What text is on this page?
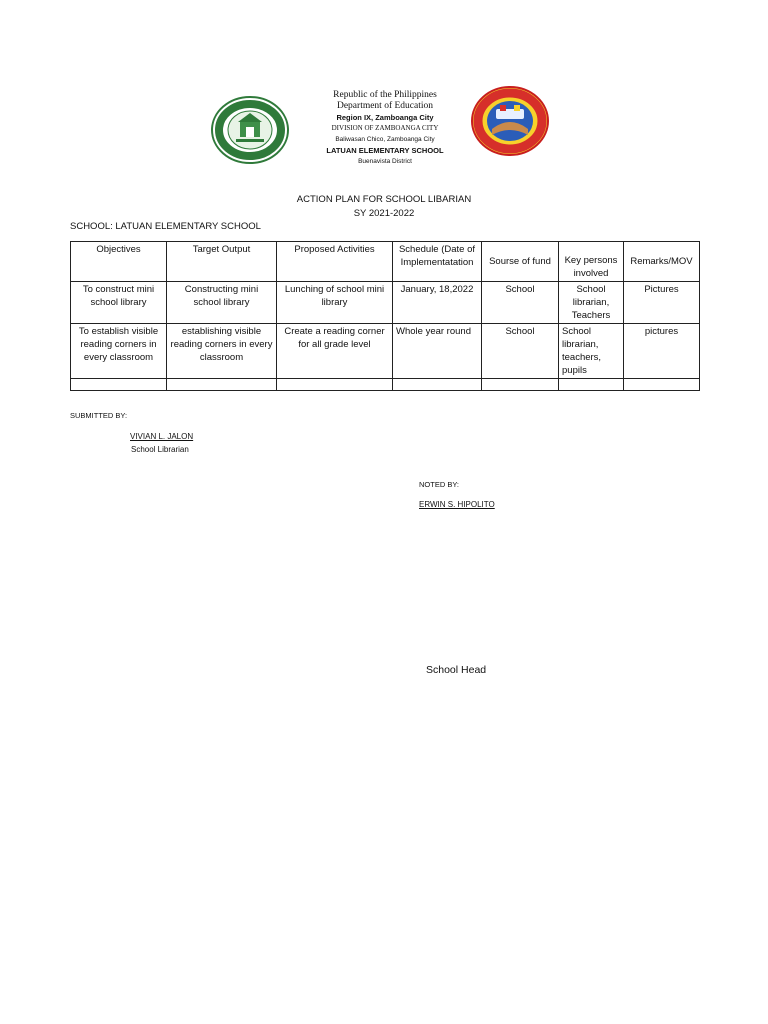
Republic of the Philippines
Department of Education
Region IX, Zamboanga City
DIVISION OF ZAMBOANGA CITY
Baliwasan Chico, Zamboanga City
LATUAN ELEMENTARY SCHOOL
Buenavista District
ACTION PLAN FOR SCHOOL LIBARIAN
SY 2021-2022
SCHOOL: LATUAN ELEMENTARY SCHOOL
Objectives	Target Output	Proposed Activities	Schedule (Date of Implementatation	Sourse of fund	Key persons involved	Remarks/MOV
To construct mini school library	Constructing mini school library	Lunching of school mini library	January, 18,2022	School	School librarian, Teachers	Pictures
To establish visible reading corners in every classroom	establishing visible reading corners in every classroom	Create a reading corner for all grade level	Whole year round	School	School librarian, teachers, pupils	pictures

SUBMITTED BY:
VIVIAN L. JALON
School Librarian
NOTED BY:
ERWIN S. HIPOLITO
School Head
